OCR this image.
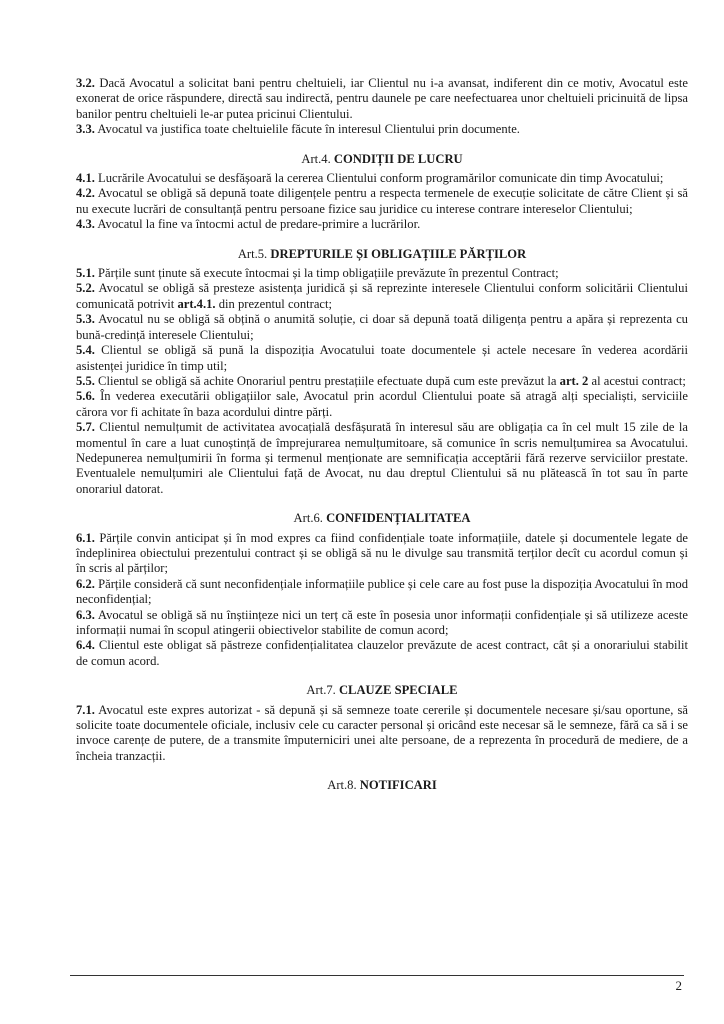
3.2. Dacă Avocatul a solicitat bani pentru cheltuieli, iar Clientul nu i-a avansat, indiferent din ce motiv, Avocatul este exonerat de orice răspundere, directă sau indirectă, pentru daunele pe care neefectuarea unor cheltuieli pricinuită de lipsa banilor pentru cheltuieli le-ar putea pricinui Clientului.

3.3. Avocatul va justifica toate cheltuielile făcute în interesul Clientului prin documente.

Art.4. CONDIȚII DE LUCRU

4.1. Lucrările Avocatului se desfășoară la cererea Clientului conform programărilor comunicate din timp Avocatului;

4.2. Avocatul se obligă să depună toate diligențele pentru a respecta termenele de execuție solicitate de către Client și să nu execute lucrări de consultanță pentru persoane fizice sau juridice cu interese contrare intereselor Clientului;

4.3. Avocatul la fine va întocmi actul de predare-primire a lucrărilor.

Art.5. DREPTURILE ȘI OBLIGAȚIILE PĂRȚILOR

5.1. Părțile sunt ținute să execute întocmai și la timp obligațiile prevăzute în prezentul Contract;

5.2. Avocatul se obligă să presteze asistența juridică și să reprezinte interesele Clientului conform solicitării Clientului comunicată potrivit art.4.1. din prezentul contract;

5.3. Avocatul nu se obligă să obțină o anumită soluție, ci doar să depună toată diligența pentru a apăra și reprezenta cu bună-credință interesele Clientului;

5.4. Clientul se obligă să pună la dispoziția Avocatului toate documentele și actele necesare în vederea acordării asistenței juridice în timp util;

5.5. Clientul se obligă să achite Onorariul pentru prestațiile efectuate după cum este prevăzut la art. 2 al acestui contract;

5.6. În vederea executării obligațiilor sale, Avocatul prin acordul Clientului poate să atragă alți specialiști, serviciile cărora vor fi achitate în baza acordului dintre părți.

5.7. Clientul nemulțumit de activitatea avocațială desfășurată în interesul său are obligația ca în cel mult 15 zile de la momentul în care a luat cunoștință de împrejurarea nemulțumitoare, să comunice în scris nemulțumirea sa Avocatului. Nedepunerea nemulțumirii în forma și termenul menționate are semnificația acceptării fără rezerve serviciilor prestate. Eventualele nemulțumiri ale Clientului față de Avocat, nu dau dreptul Clientului să nu plătească în tot sau în parte onorariul datorat.

Art.6. CONFIDENȚIALITATEA

6.1. Părțile convin anticipat și în mod expres ca fiind confidențiale toate informațiile, datele și documentele legate de îndeplinirea obiectului prezentului contract și se obligă să nu le divulge sau transmită terților decît cu acordul comun și în scris al părților;

6.2. Părțile consideră că sunt neconfidențiale informațiile publice și cele care au fost puse la dispoziția Avocatului în mod neconfidențial;

6.3. Avocatul se obligă să nu înștiințeze nici un terț că este în posesia unor informații confidențiale și să utilizeze aceste informații numai în scopul atingerii obiectivelor stabilite de comun acord;

6.4. Clientul este obligat să păstreze confidențialitatea clauzelor prevăzute de acest contract, cât și a onorariului stabilit de comun acord.

Art.7. CLAUZE SPECIALE

7.1. Avocatul este expres autorizat - să depună și să semneze toate cererile și documentele necesare și/sau oportune, să solicite toate documentele oficiale, inclusiv cele cu caracter personal și oricând este necesar să le semneze, fără ca să i se invoce carențe de putere, de a transmite împuterniciri unei alte persoane, de a reprezenta în procedură de mediere, de a încheia tranzacții.

Art.8. NOTIFICARI
2
